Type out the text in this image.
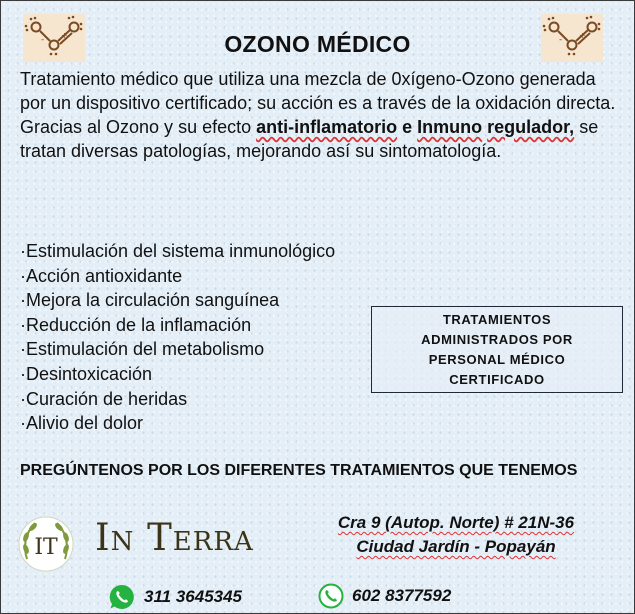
+
-	+
-
OZONO MÉDICO

Tratamiento médico que utiliza una mezcla de 0xígeno-Ozono generada por un dispositivo certificado; su acción es a través de la oxidación directa.

Gracias al Ozono y su efecto anti-inflamatorio e Inmuno regulador, se tratan diversas patologías, mejorando así su sintomatología.

·Estimulación del sistema inmunológico
·Acción antioxidante
·Mejora la circulación sanguínea
·Reducción de la inflamación
·Estimulación del metabolismo
·Desintoxicación
·Curación de heridas
·Alivio del dolor
TRATAMIENTOS ADMINISTRADOS POR PERSONAL MÉDICO CERTIFICADO
PREGÚNTENOS POR LOS DIFERENTES TRATAMIENTOS QUE TENEMOS
IT In Terra	Cra 9 (Autop. Norte) # 21N-36
Ciudad Jardín - Popayán
311 3645345	602 8377592
